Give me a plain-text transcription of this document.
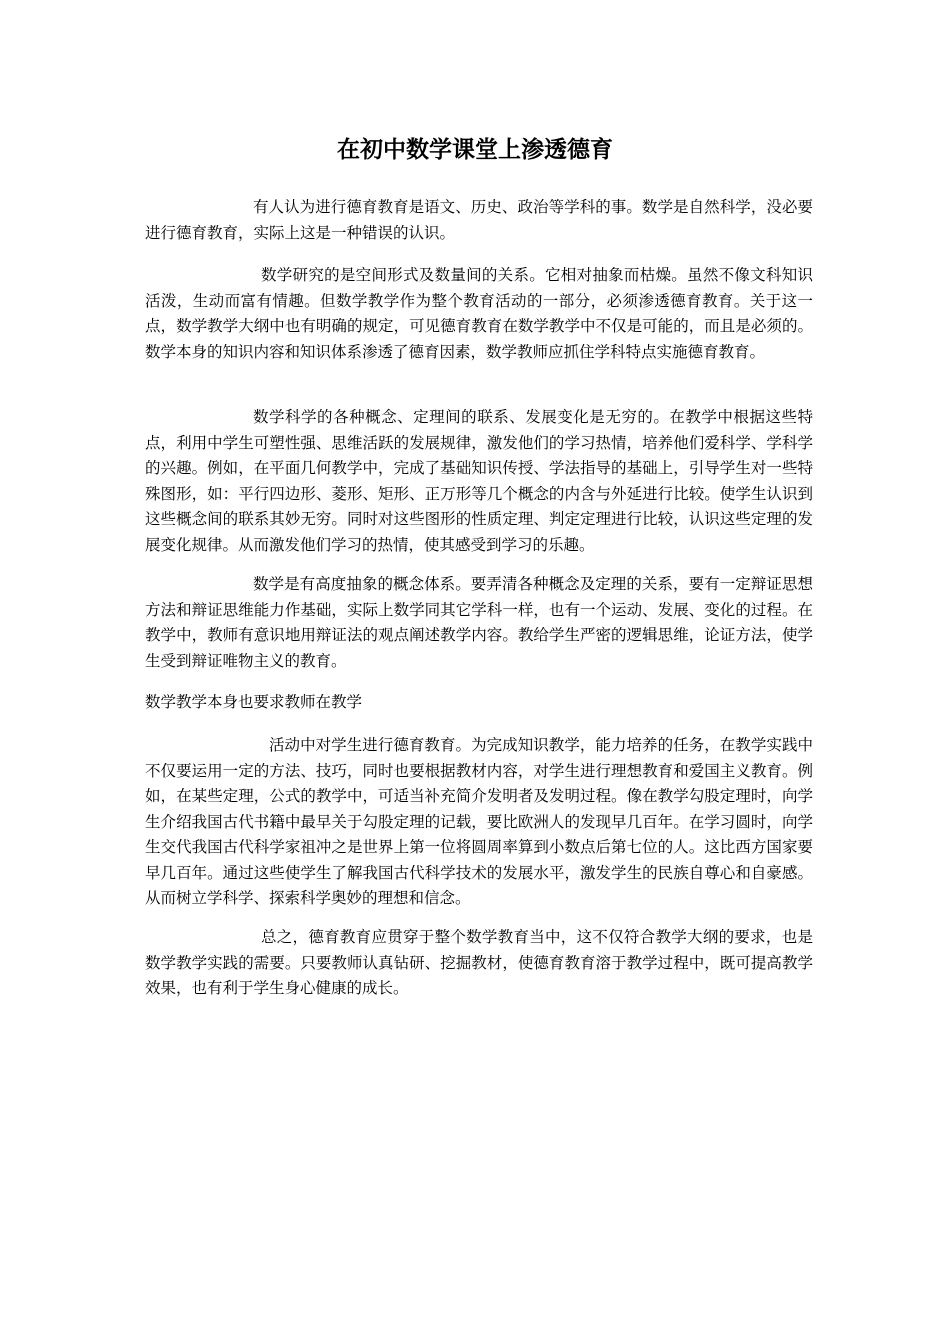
在初中数学课堂上渗透德育

有人认为进行德育教育是语文、历史、政治等学科的事。数学是自然科学，没必要进行德育教育，实际上这是一种错误的认识。

数学研究的是空间形式及数量间的关系。它相对抽象而枯燥。虽然不像文科知识活泼，生动而富有情趣。但数学教学作为整个教育活动的一部分，必须渗透德育教育。关于这一点，数学教学大纲中也有明确的规定，可见德育教育在数学教学中不仅是可能的，而且是必须的。数学本身的知识内容和知识体系渗透了德育因素，数学教师应抓住学科特点实施德育教育。

数学科学的各种概念、定理间的联系、发展变化是无穷的。在教学中根据这些特点，利用中学生可塑性强、思维活跃的发展规律，激发他们的学习热情，培养他们爱科学、学科学的兴趣。例如，在平面几何教学中，完成了基础知识传授、学法指导的基础上，引导学生对一些特殊图形，如：平行四边形、菱形、矩形、正万形等几个概念的内含与外延进行比较。使学生认识到这些概念间的联系其妙无穷。同时对这些图形的性质定理、判定定理进行比较，认识这些定理的发展变化规律。从而激发他们学习的热情，使其感受到学习的乐趣。

数学是有高度抽象的概念体系。要弄清各种概念及定理的关系，要有一定辩证思想方法和辩证思维能力作基础，实际上数学同其它学科一样，也有一个运动、发展、变化的过程。在教学中，教师有意识地用辩证法的观点阐述教学内容。教给学生严密的逻辑思维，论证方法，使学生受到辩证唯物主义的教育。

数学教学本身也要求教师在教学

活动中对学生进行德育教育。为完成知识教学，能力培养的任务，在教学实践中不仅要运用一定的方法、技巧，同时也要根据教材内容，对学生进行理想教育和爱国主义教育。例如，在某些定理，公式的教学中，可适当补充简介发明者及发明过程。像在教学勾股定理时，向学生介绍我国古代书籍中最早关于勾股定理的记载，要比欧洲人的发现早几百年。在学习圆时，向学生交代我国古代科学家祖冲之是世界上第一位将圆周率算到小数点后第七位的人。这比西方国家要早几百年。通过这些使学生了解我国古代科学技术的发展水平，激发学生的民族自尊心和自豪感。从而树立学科学、探索科学奥妙的理想和信念。

总之，德育教育应贯穿于整个数学教育当中，这不仅符合教学大纲的要求，也是数学教学实践的需要。只要教师认真钻研、挖掘教材，使德育教育溶于教学过程中，既可提高教学效果，也有利于学生身心健康的成长。
